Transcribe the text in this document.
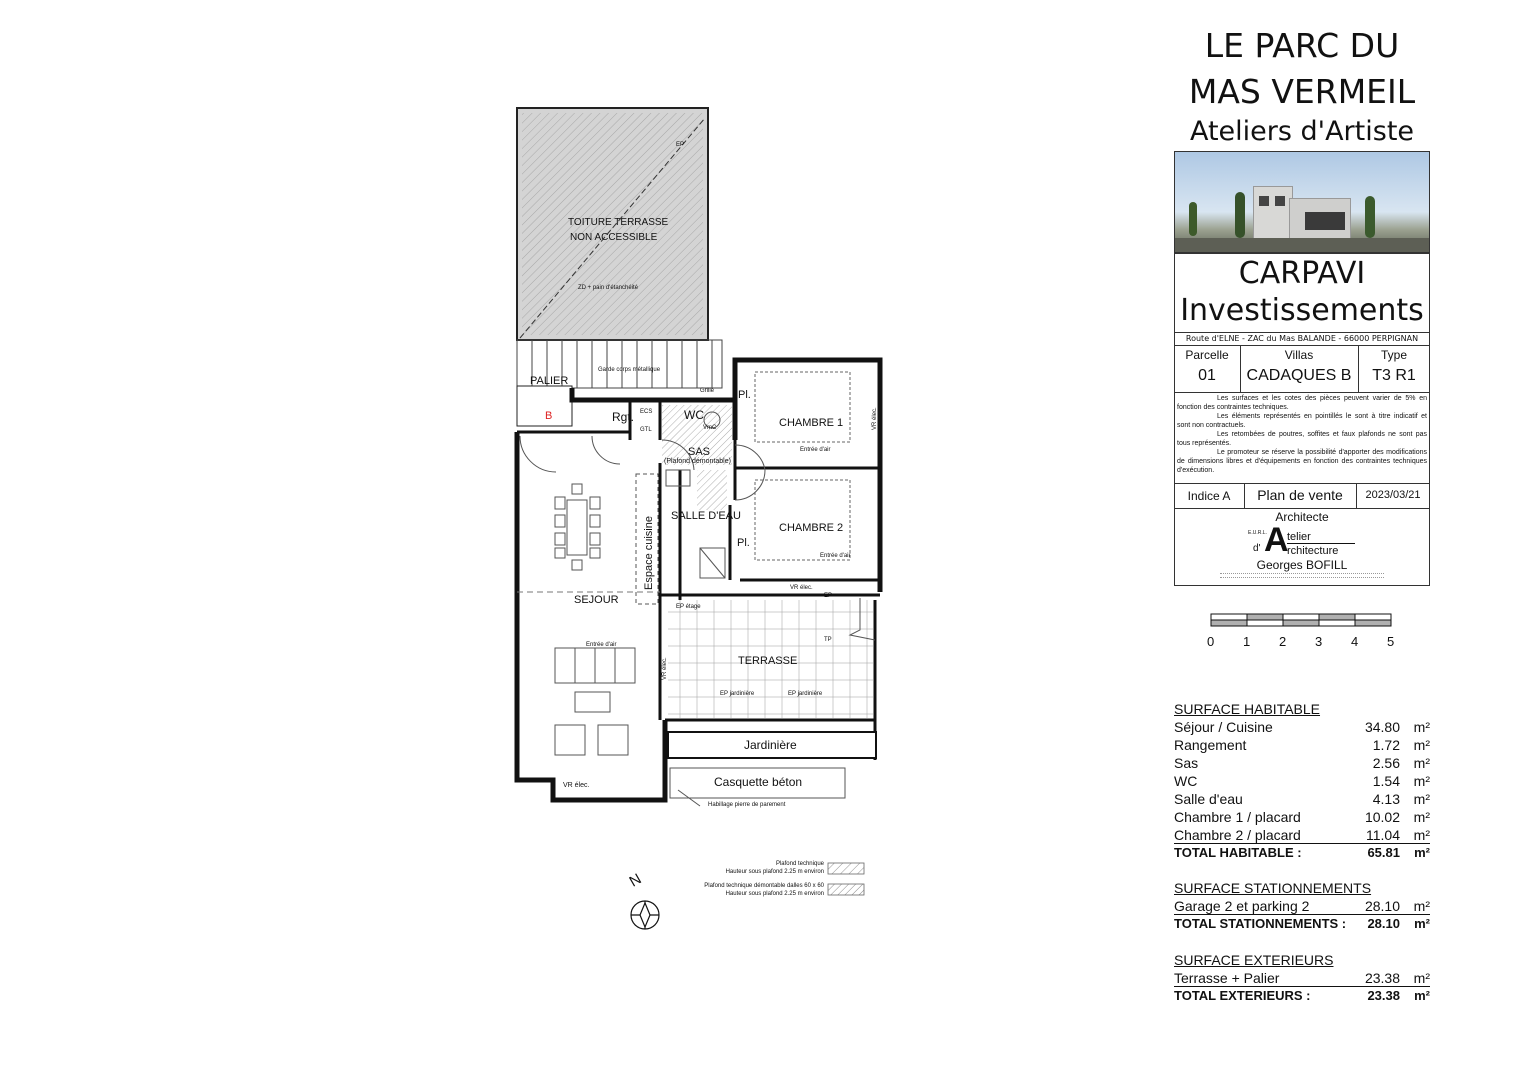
TOITURE TERRASSE
NON ACCESSIBLE
EP
ZD + pain d'étanchéité
Garde corps métallique
PALIER
B
Grille
Rgt. ECS
GTL
WC
VmC
SAS
(Plafond démontable)
CHAMBRE 1
CHAMBRE 2
Pl.
Pl.
Entrée d'air
Entrée d'air
Entrée d'air
VR élec.
VR élec.
VR élec.
VR élec.
SALLE D'EAU
Espace cuisine
SEJOUR
TERRASSE
EP étage
EP
TP
EP jardinière	EP jardinière
Jardinière
Casquette béton
Habillage pierre de parement
Plafond technique
Hauteur sous plafond 2.25 m environ
Plafond technique démontable dalles 60 x 60
Hauteur sous plafond 2.25 m environ
N
LE PARC DU
MAS VERMEIL
Ateliers d'Artiste
CARPAVI
Investissements
Route d'ELNE - ZAC du Mas BALANDE - 66000 PERPIGNAN
Parcelle	Villas	Type
01	CADAQUES B	T3 R1
Les surfaces et les cotes des pièces peuvent varier de 5% en fonction des contraintes techniques.
Les éléments représentés en pointillés le sont à titre indicatif et sont non contractuels.
Les retombées de poutres, soffites et faux plafonds ne sont pas tous représentés.
Le promoteur se réserve la possibilité d'apporter des modifications de dimensions libres et d'équipements en fonction des contraintes techniques d'exécution.
Indice A	Plan de vente	2023/03/21
Architecte
E.U.R.L.
d' A
telier
rchitecture
Georges BOFILL
0 1 2 3 4 5
SURFACE HABITABLE
Séjour / Cuisine	34.80 m²
Rangement	1.72 m²
Sas	2.56 m²
WC	1.54 m²
Salle d'eau	4.13 m²
Chambre 1 / placard	10.02 m²
Chambre 2 / placard	11.04 m²
TOTAL HABITABLE :	65.81 m²
SURFACE STATIONNEMENTS
Garage 2 et parking 2	28.10 m²
TOTAL STATIONNEMENTS : 28.10 m²
SURFACE EXTERIEURS
Terrasse + Palier	23.38 m²
TOTAL EXTERIEURS :	23.38 m²
